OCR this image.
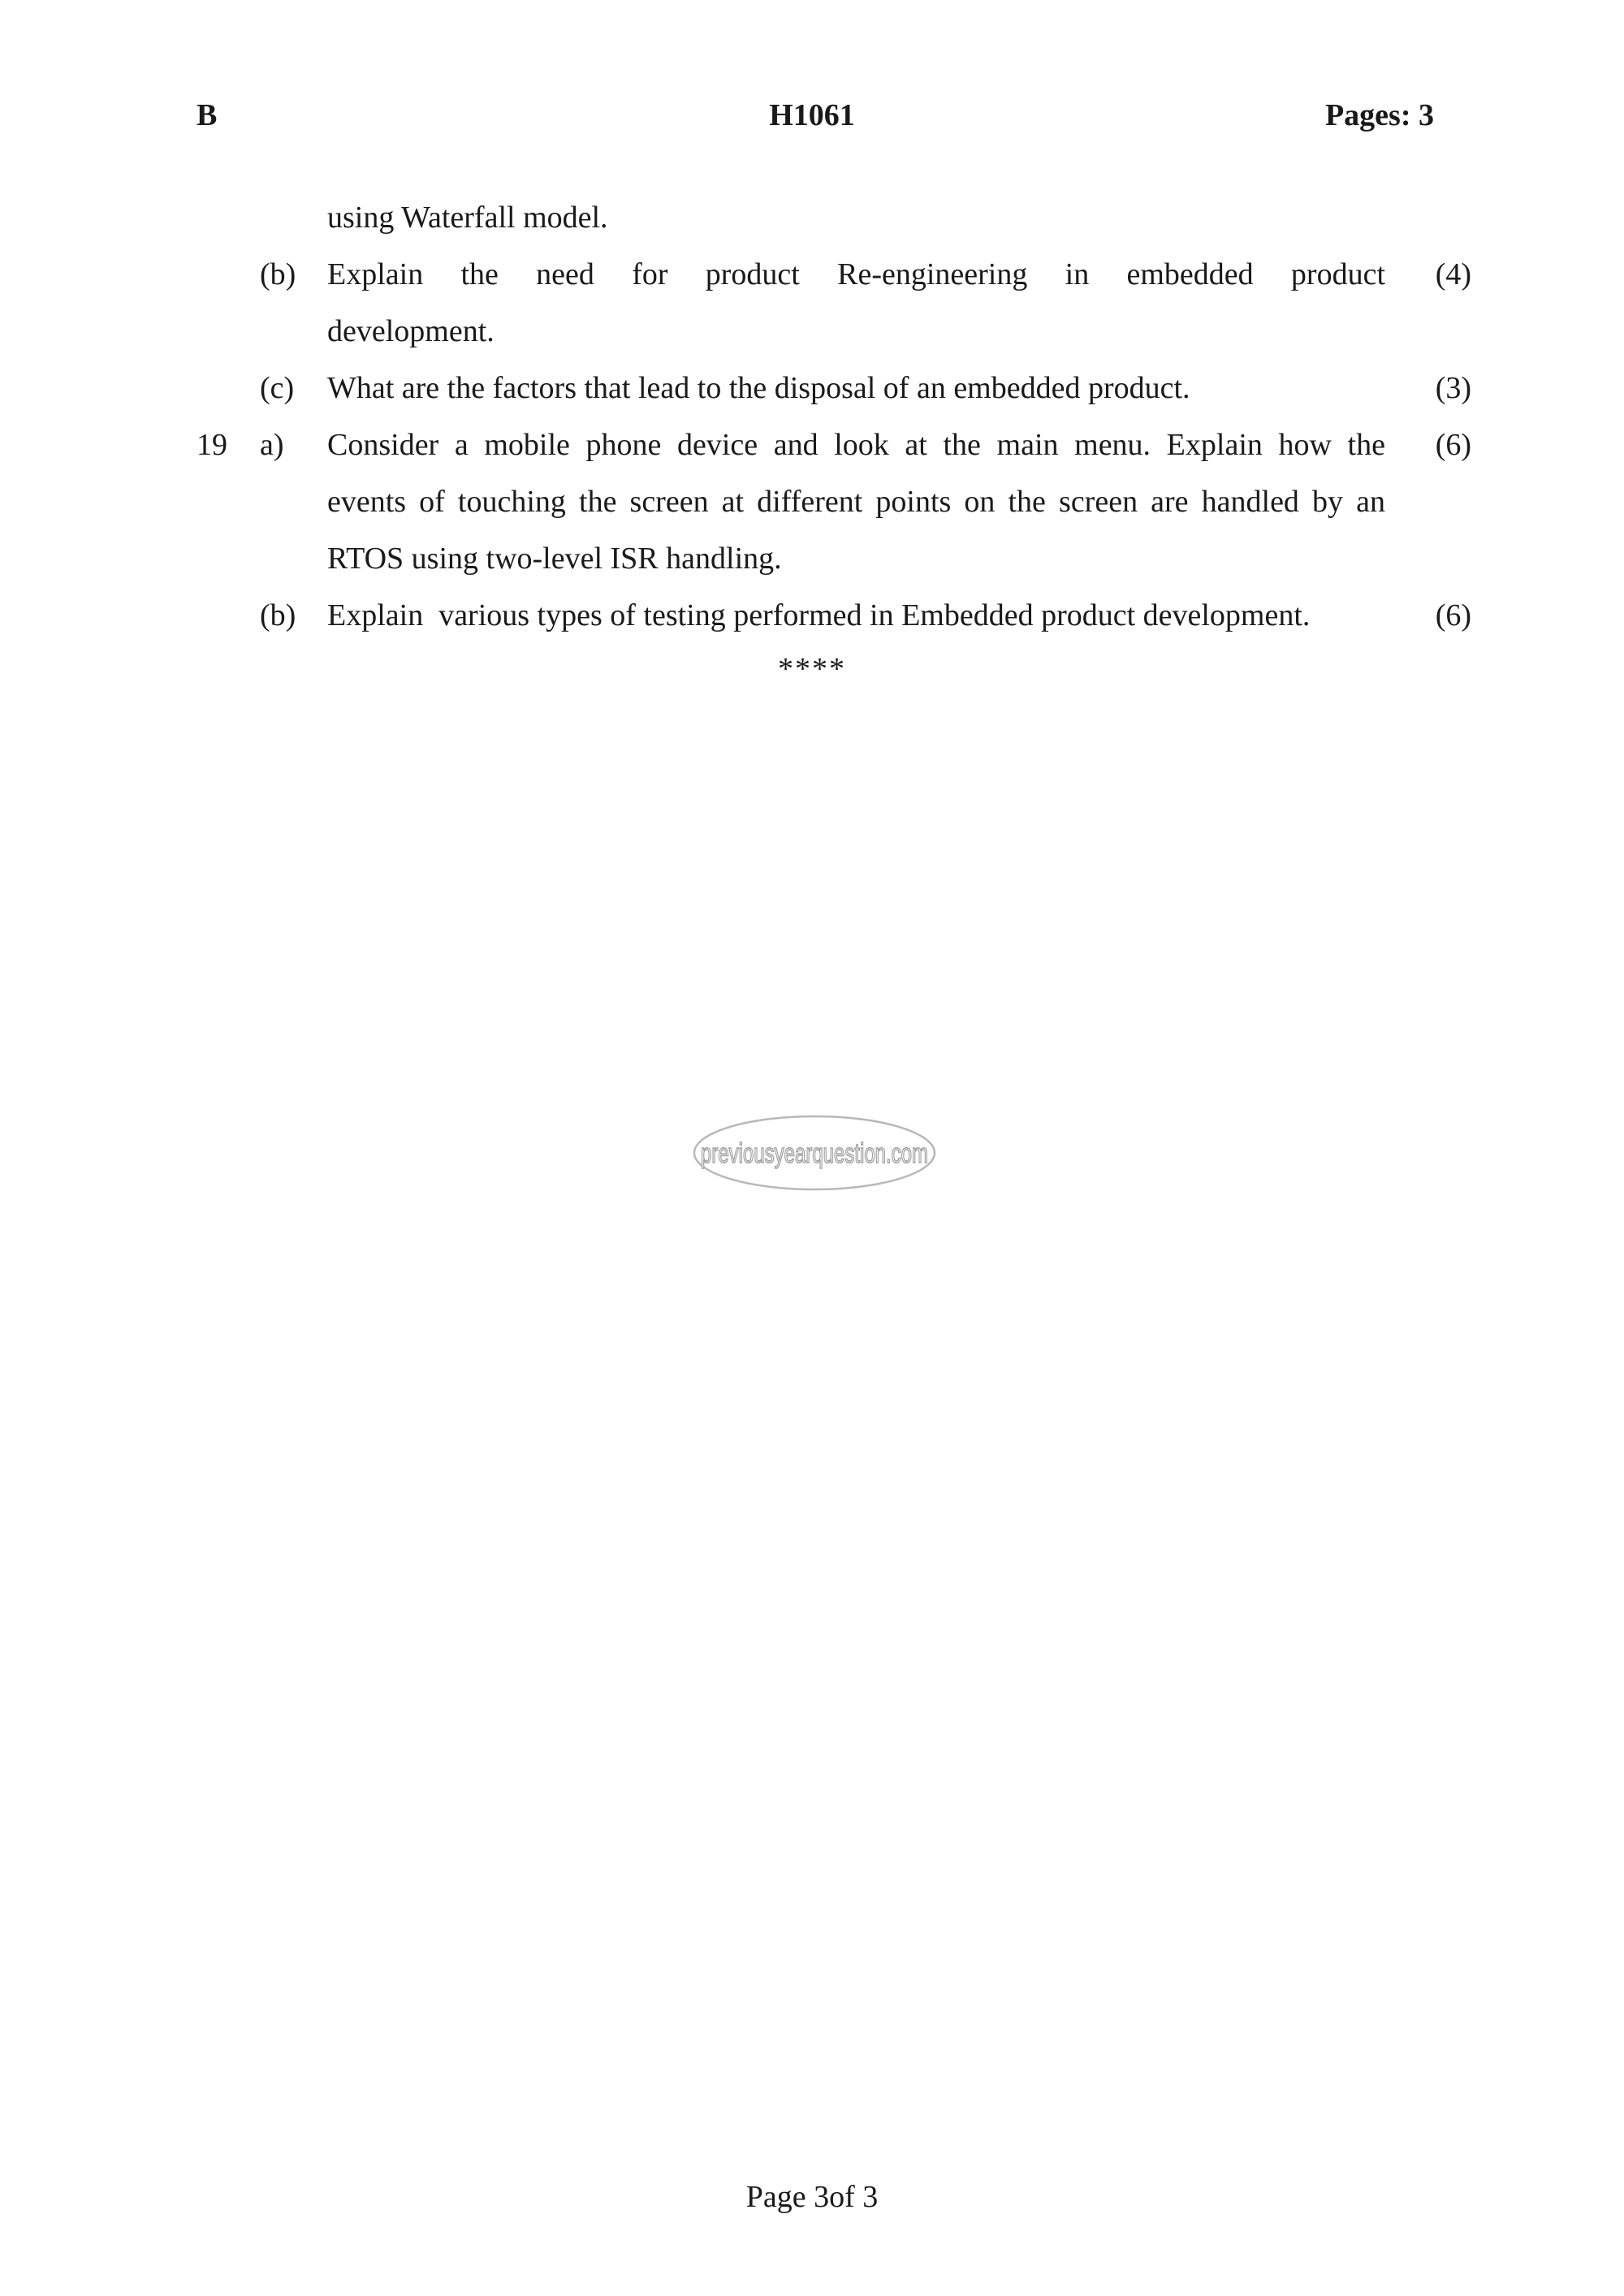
B	H1061	Pages: 3
using Waterfall model.
(b) Explain the need for product Re-engineering in embedded product (4)
development.
(c) What are the factors that lead to the disposal of an embedded product.	(3)
19 a) Consider a mobile phone device and look at the main menu. Explain how the (6)
events of touching the screen at different points on the screen are handled by an
RTOS using two-level ISR handling.
(b) Explain  various types of testing performed in Embedded product development.	(6)
****
previousyearquestion.com
Page 3of 3
